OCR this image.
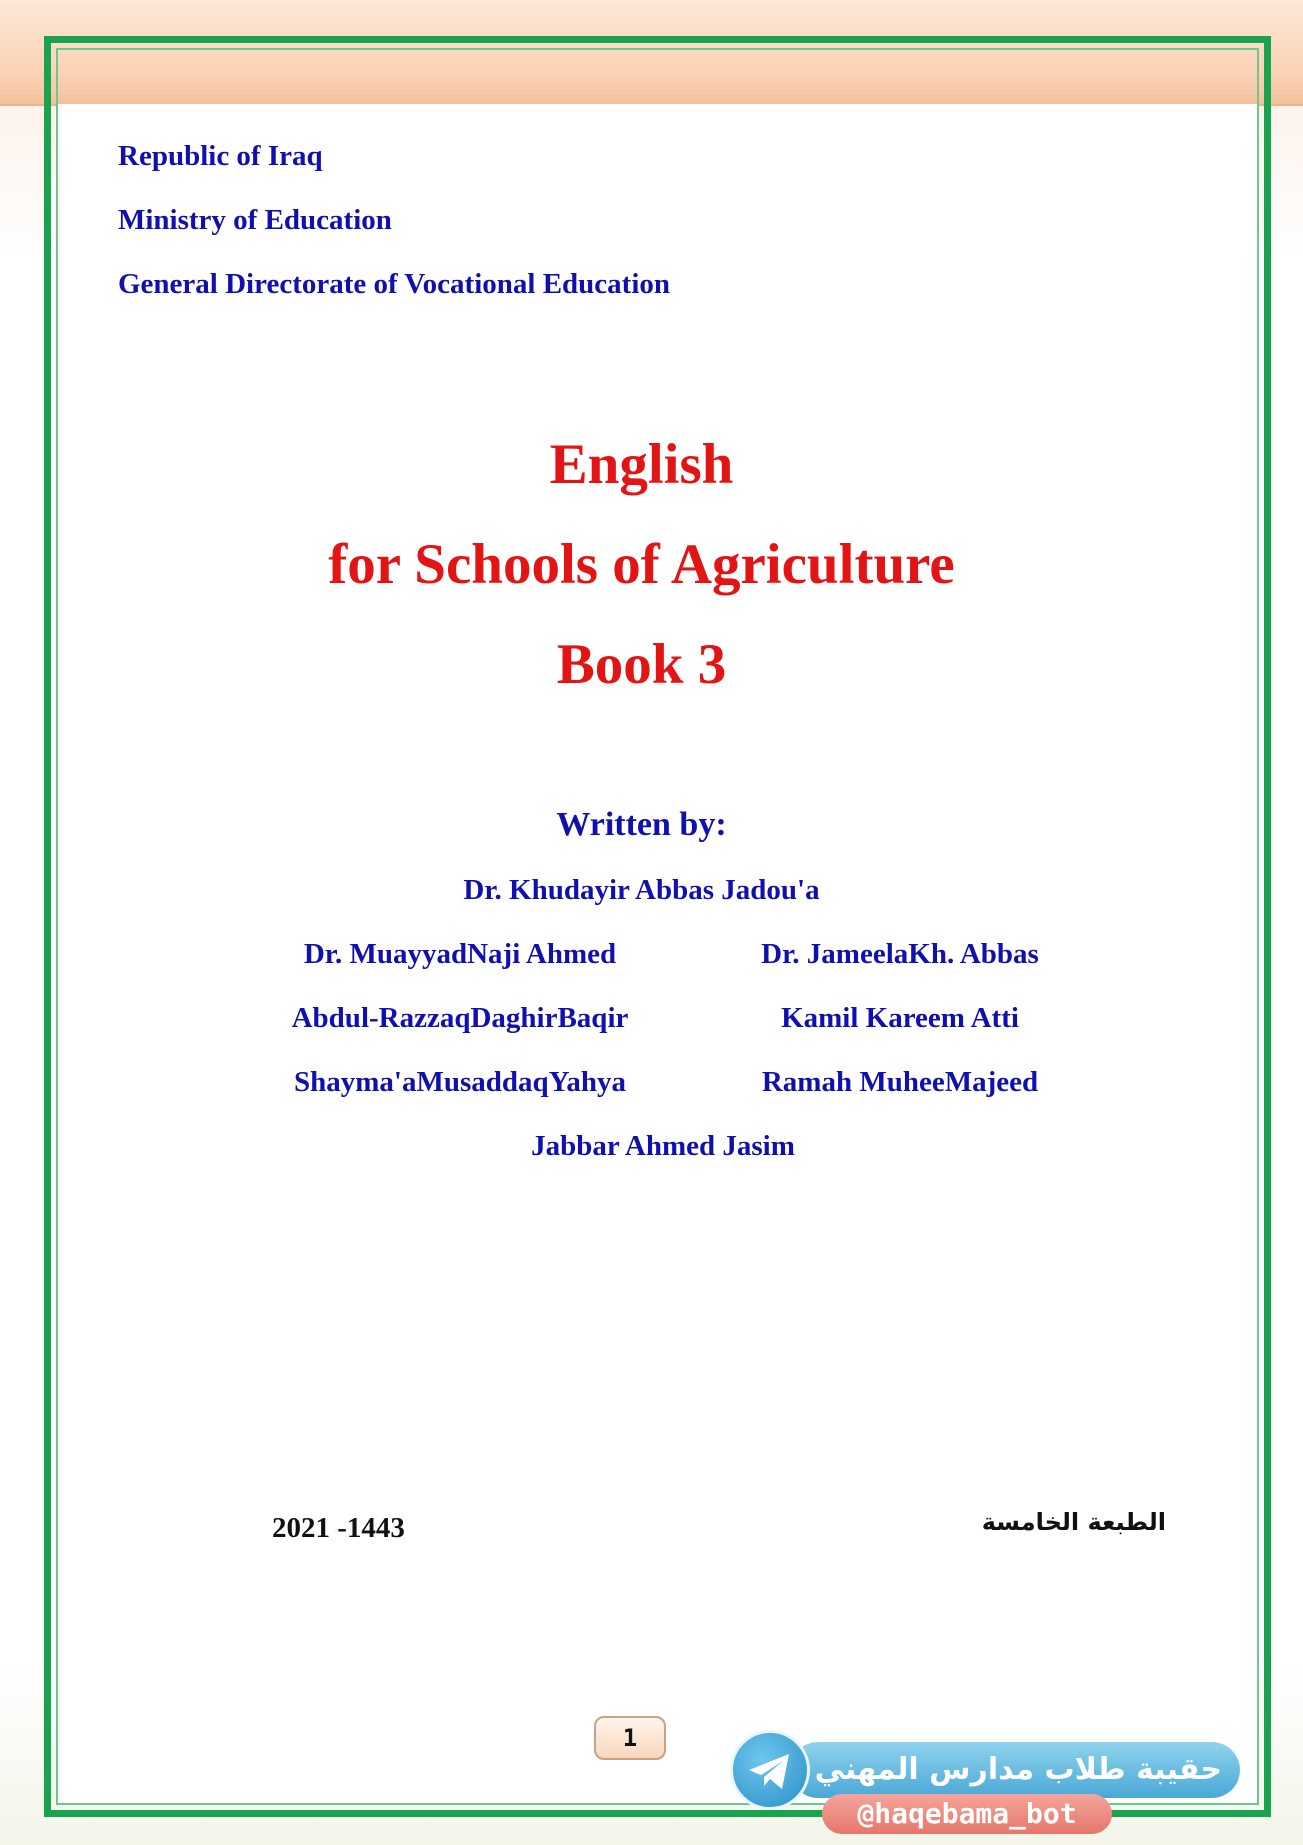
Republic of Iraq
Ministry of Education
General Directorate of Vocational Education
English
for Schools of Agriculture
Book 3
Written by:
Dr. Khudayir Abbas Jadou'a
Dr. MuayyadNaji Ahmed	Dr. JameelaKh. Abbas
Abdul-RazzaqDaghirBaqir	Kamil Kareem Atti
Shayma'aMusaddaqYahya	Ramah MuheeMajeed
Jabbar Ahmed Jasim
2021 -1443	الطبعة الخامسة
1
حقيبة طلاب مدارس المهني
@haqebama_bot
